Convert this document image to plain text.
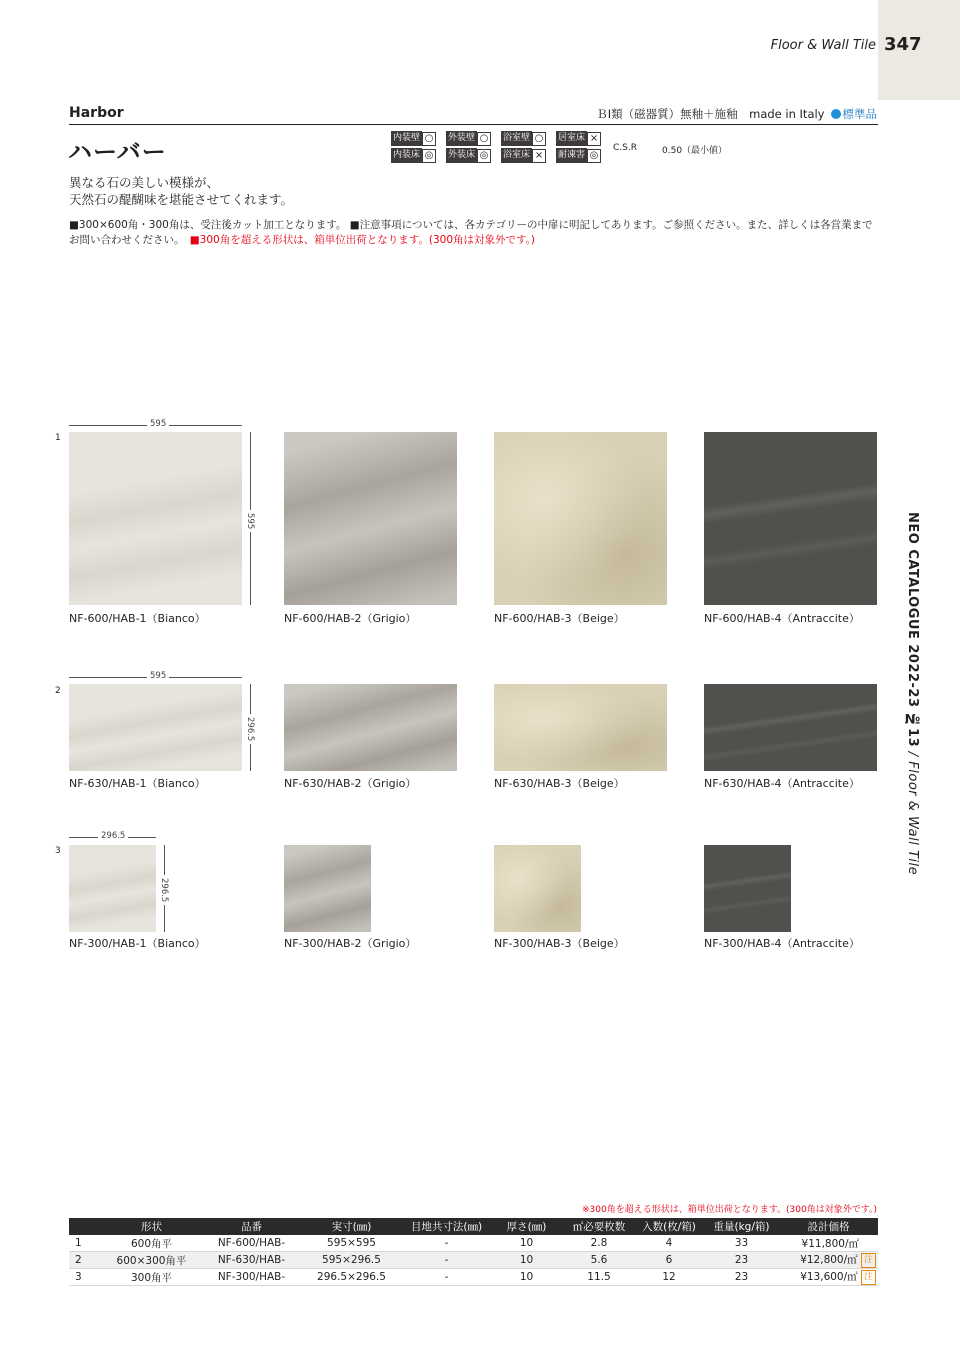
Floor & Wall Tile 347
NEO CATALOGUE 2022-23 №13 / Floor & Wall Tile
Harbor	ＢⅠ類（磁器質）無釉＋施釉　made in Italy 標準品
ハーバー	内装壁 ○ 外装壁 ○ 浴室壁 ○ 居室床 ×
内装床 ◎ 外装床 ◎ 浴室床 ×	耐凍害 ◎
C.S.R	0.50（最小値）
異なる石の美しい模様が、
天然石の醍醐味を堪能させてくれます。
■300×600角・300角は、受注後カット加工となります。 ■注意事項については、各カテゴリーの中扉に明記してあります。ご参照ください。また、詳しくは各営業までお問い合わせください。　 ■300角を超える形状は、箱単位出荷となります。(300角は対象外です。)
1
595
595
NF-600/HAB-1（Bianco）	NF-600/HAB-2（Grigio）	NF-600/HAB-3（Beige）	NF-600/HAB-4（Antraccite）
2
595
296.5
NF-630/HAB-1（Bianco）	NF-630/HAB-2（Grigio）	NF-630/HAB-3（Beige）	NF-630/HAB-4（Antraccite）
3
296.5
296.5
NF-300/HAB-1（Bianco）	NF-300/HAB-2（Grigio）	NF-300/HAB-3（Beige）	NF-300/HAB-4（Antraccite）
※300角を超える形状は、箱単位出荷となります。(300角は対象外です。)
	形状	品番	実寸(㎜)	目地共寸法(㎜)	厚さ(㎜)	㎡必要枚数	入数(枚/箱)	重量(kg/箱)	設計価格
1	600角平	NF-600/HAB-	595×595	-	10	2.8	4	33	¥11,800/㎡
2	600×300角平	NF-630/HAB-	595×296.5	-	10	5.6	6	23	¥12,800/㎡ 注
3	300角平	NF-300/HAB-	296.5×296.5	-	10	11.5	12	23	¥13,600/㎡ 注
